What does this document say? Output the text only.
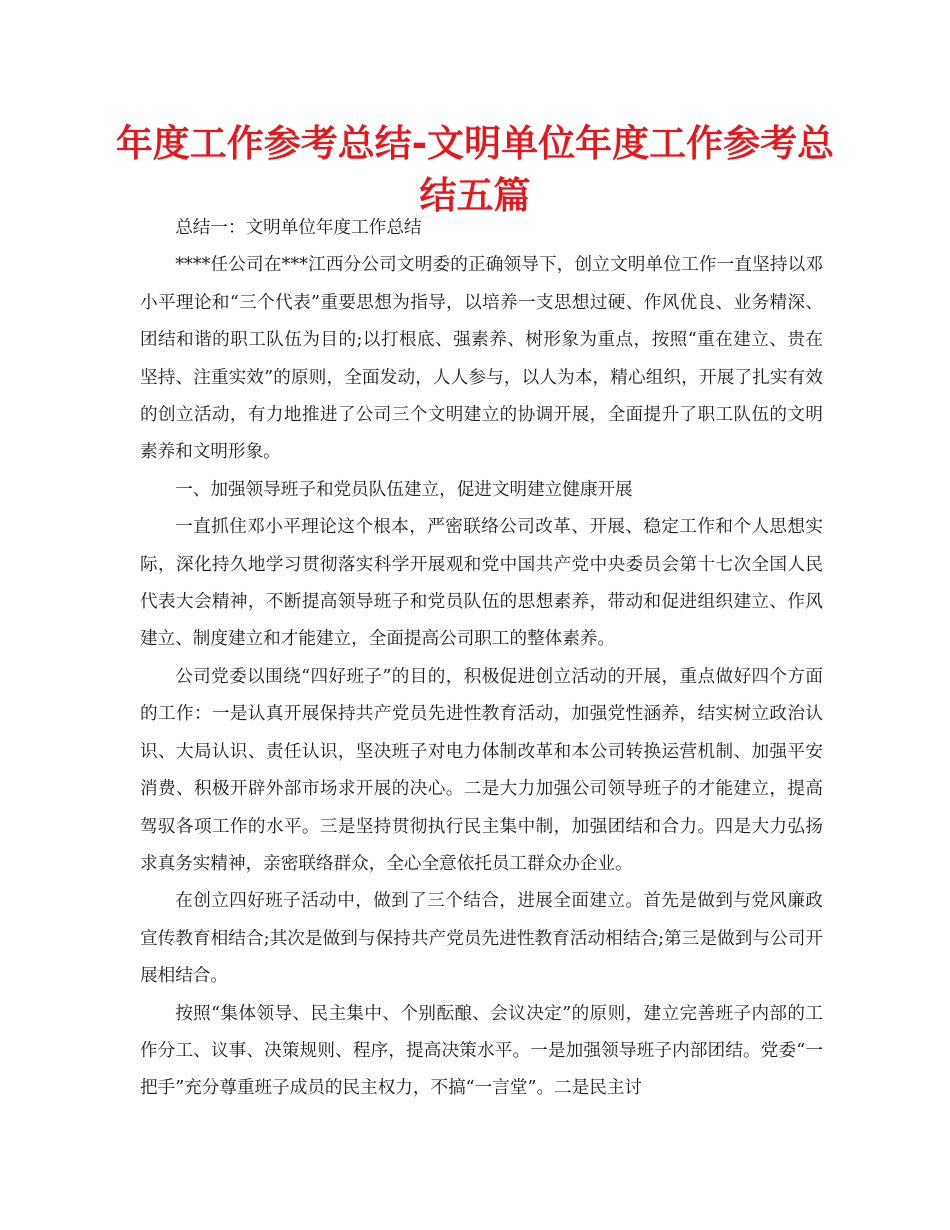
年度工作参考总结-文明单位年度工作参考总结五篇

总结一：文明单位年度工作总结

****任公司在***江西分公司文明委的正确领导下，创立文明单位工作一直坚持以邓小平理论和“三个代表”重要思想为指导，以培养一支思想过硬、作风优良、业务精深、团结和谐的职工队伍为目的;以打根底、强素养、树形象为重点，按照“重在建立、贵在坚持、注重实效”的原则，全面发动，人人参与，以人为本，精心组织，开展了扎实有效的创立活动，有力地推进了公司三个文明建立的协调开展，全面提升了职工队伍的文明素养和文明形象。

一、加强领导班子和党员队伍建立，促进文明建立健康开展

一直抓住邓小平理论这个根本，严密联络公司改革、开展、稳定工作和个人思想实际，深化持久地学习贯彻落实科学开展观和党中国共产党中央委员会第十七次全国人民代表大会精神，不断提高领导班子和党员队伍的思想素养，带动和促进组织建立、作风建立、制度建立和才能建立，全面提高公司职工的整体素养。

公司党委以围绕“四好班子”的目的，积极促进创立活动的开展，重点做好四个方面的工作：一是认真开展保持共产党员先进性教育活动，加强党性涵养，结实树立政治认识、大局认识、责任认识，坚决班子对电力体制改革和本公司转换运营机制、加强平安消费、积极开辟外部市场求开展的决心。二是大力加强公司领导班子的才能建立，提高驾驭各项工作的水平。三是坚持贯彻执行民主集中制，加强团结和合力。四是大力弘扬求真务实精神，亲密联络群众，全心全意依托员工群众办企业。

在创立四好班子活动中，做到了三个结合，进展全面建立。首先是做到与党风廉政宣传教育相结合;其次是做到与保持共产党员先进性教育活动相结合;第三是做到与公司开展相结合。

按照“集体领导、民主集中、个别酝酿、会议决定”的原则，建立完善班子内部的工作分工、议事、决策规则、程序，提高决策水平。一是加强领导班子内部团结。党委“一把手”充分尊重班子成员的民主权力，不搞“一言堂”。二是民主讨
